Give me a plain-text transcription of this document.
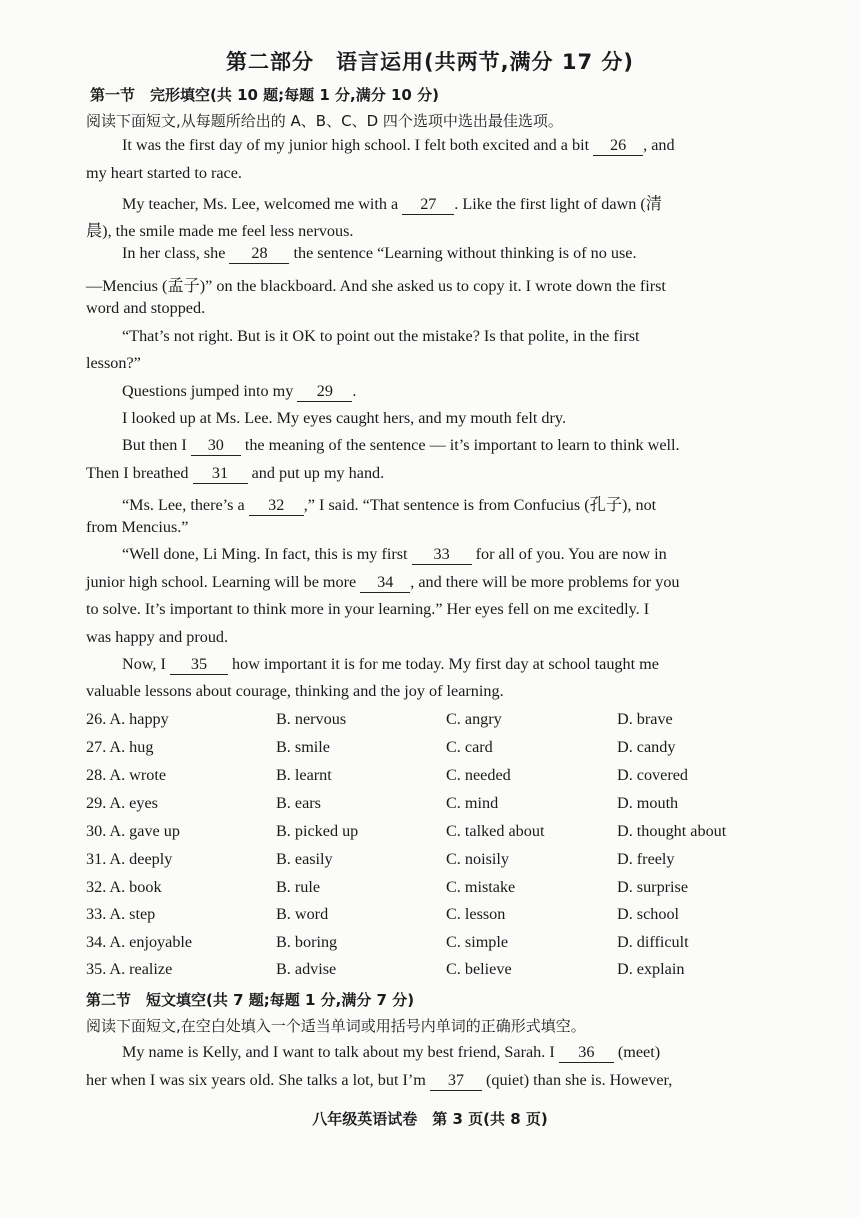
第二部分　语言运用(共两节,满分 17 分)
第一节　完形填空(共 10 题;每题 1 分,满分 10 分)
阅读下面短文,从每题所给出的 A、B、C、D 四个选项中选出最佳选项。
It was the first day of my junior high school. I felt both excited and a bit 26 , and
my heart started to race.
My teacher, Ms. Lee, welcomed me with a 27 . Like the first light of dawn (清
晨), the smile made me feel less nervous.
In her class, she 28 the sentence “Learning without thinking is of no use.
—Mencius (孟子)” on the blackboard. And she asked us to copy it. I wrote down the first
word and stopped.
“That’s not right. But is it OK to point out the mistake? Is that polite, in the first
lesson?”
Questions jumped into my 29 .
I looked up at Ms. Lee. My eyes caught hers, and my mouth felt dry.
But then I 30 the meaning of the sentence — it’s important to learn to think well.
Then I breathed 31 and put up my hand.
“Ms. Lee, there’s a 32 ,” I said. “That sentence is from Confucius (孔子), not
from Mencius.”
“Well done, Li Ming. In fact, this is my first 33 for all of you. You are now in
junior high school. Learning will be more 34 , and there will be more problems for you
to solve. It’s important to think more in your learning.” Her eyes fell on me excitedly. I
was happy and proud.
Now, I 35 how important it is for me today. My first day at school taught me
valuable lessons about courage, thinking and the joy of learning.
26. A. happy	B. nervous	C. angry	D. brave
27. A. hug	B. smile	C. card	D. candy
28. A. wrote	B. learnt	C. needed	D. covered
29. A. eyes	B. ears	C. mind	D. mouth
30. A. gave up	B. picked up	C. talked about	D. thought about
31. A. deeply	B. easily	C. noisily	D. freely
32. A. book	B. rule	C. mistake	D. surprise
33. A. step	B. word	C. lesson	D. school
34. A. enjoyable	B. boring	C. simple	D. difficult
35. A. realize	B. advise	C. believe	D. explain
第二节　短文填空(共 7 题;每题 1 分,满分 7 分)
阅读下面短文,在空白处填入一个适当单词或用括号内单词的正确形式填空。
My name is Kelly, and I want to talk about my best friend, Sarah. I 36 (meet)
her when I was six years old. She talks a lot, but I’m 37 (quiet) than she is. However,
八年级英语试卷　第 3 页(共 8 页)
